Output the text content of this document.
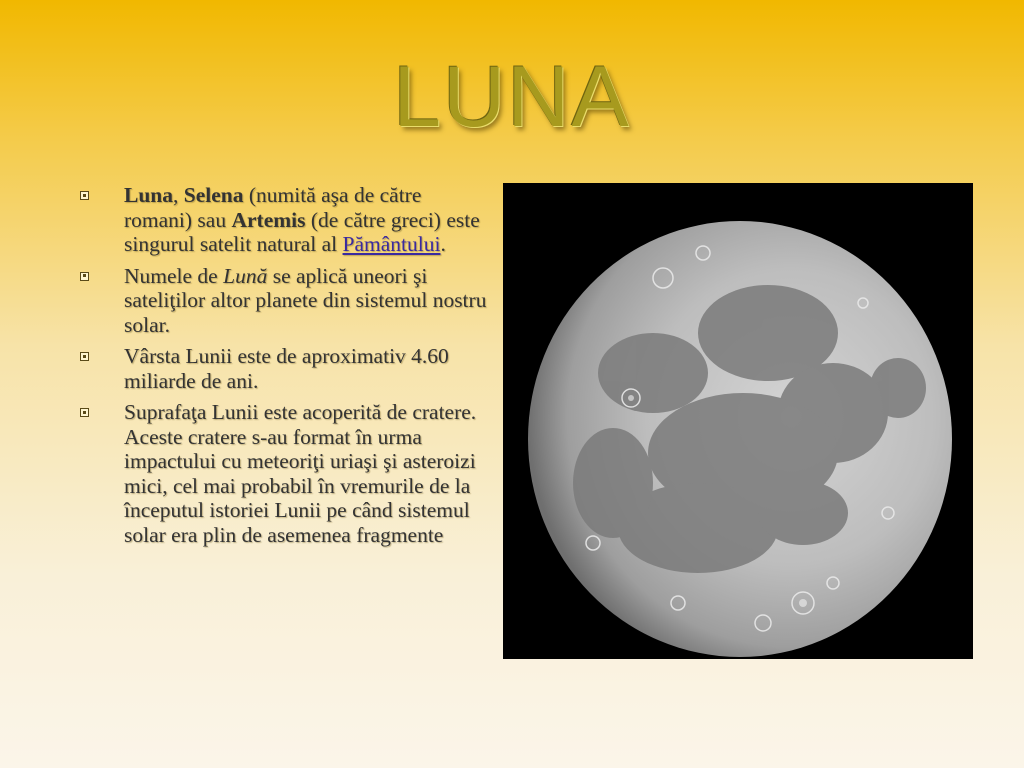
LUNA
Luna, Selena (numită aşa de către romani) sau Artemis (de către greci) este singurul satelit natural al Pământului.
Numele de Lună se aplică uneori şi sateliţilor altor planete din sistemul nostru solar.
Vârsta Lunii este de aproximativ 4.60 miliarde de ani.
Suprafaţa Lunii este acoperită de cratere. Aceste cratere s-au format în urma impactului cu meteoriţi uriaşi şi asteroizi mici, cel mai probabil în vremurile de la începutul istoriei Lunii pe când sistemul solar era plin de asemenea fragmente
